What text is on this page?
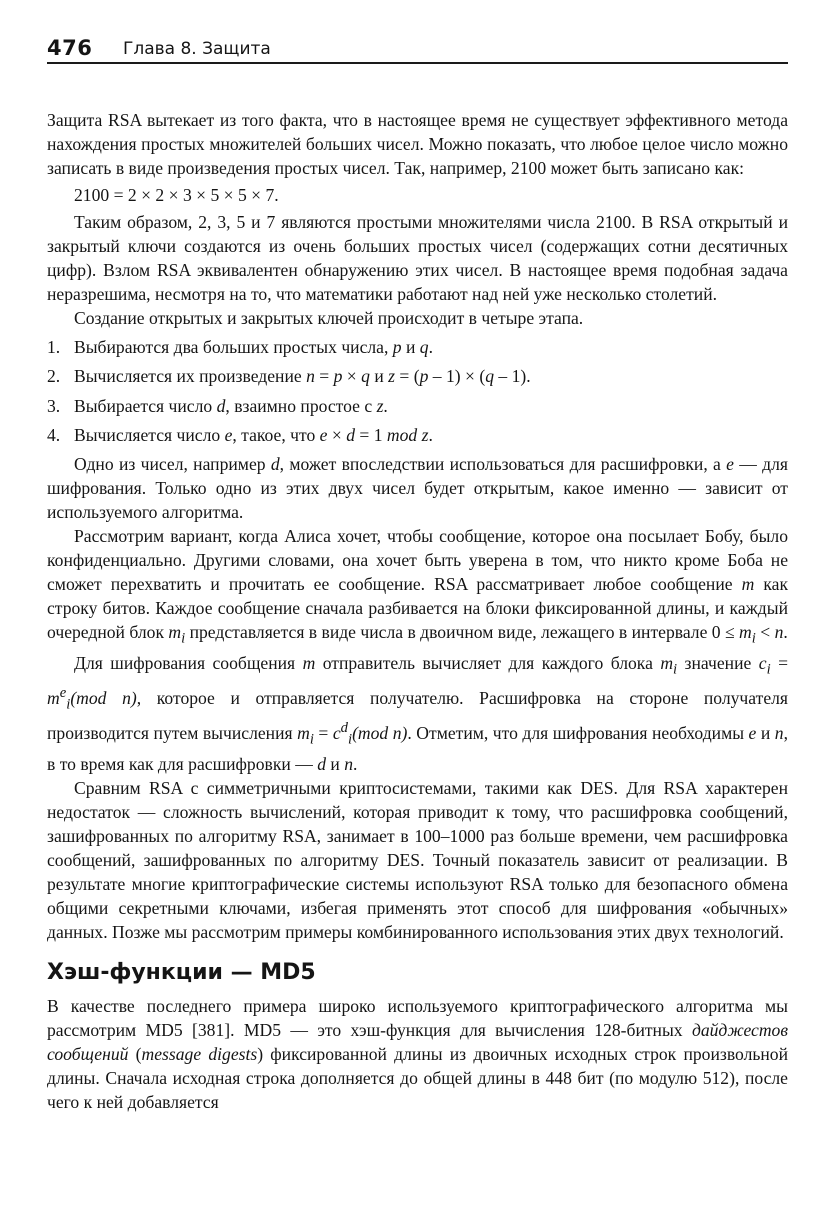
476 Глава 8. Защита

Защита RSA вытекает из того факта, что в настоящее время не существует эффективного метода нахождения простых множителей больших чисел. Можно показать, что любое целое число можно записать в виде произведения простых чисел. Так, например, 2100 может быть записано как:

2100 = 2 × 2 × 3 × 5 × 5 × 7.

Таким образом, 2, 3, 5 и 7 являются простыми множителями числа 2100. В RSA открытый и закрытый ключи создаются из очень больших простых чисел (содержащих сотни десятичных цифр). Взлом RSA эквивалентен обнаружению этих чисел. В настоящее время подобная задача неразрешима, несмотря на то, что математики работают над ней уже несколько столетий.

Создание открытых и закрытых ключей происходит в четыре этапа.

1. Выбираются два больших простых числа, p и q.
2. Вычисляется их произведение n = p × q и z = (p – 1) × (q – 1).
3. Выбирается число d, взаимно простое с z.
4. Вычисляется число e, такое, что e × d = 1 mod z.

Одно из чисел, например d, может впоследствии использоваться для расшифровки, а e — для шифрования. Только одно из этих двух чисел будет открытым, какое именно — зависит от используемого алгоритма.

Рассмотрим вариант, когда Алиса хочет, чтобы сообщение, которое она посылает Бобу, было конфиденциально. Другими словами, она хочет быть уверена в том, что никто кроме Боба не сможет перехватить и прочитать ее сообщение. RSA рассматривает любое сообщение m как строку битов. Каждое сообщение сначала разбивается на блоки фиксированной длины, и каждый очередной блок $m_i$ представляется в виде числа в двоичном виде, лежащего в интервале $0 \le m_i < n$.

Для шифрования сообщения m отправитель вычисляет для каждого блока $m_i$ значение $c_i = m^e_i(mod$ n), которое и отправляется получателю. Расшифровка на стороне получателя производится путем вычисления $m_i = c^d_i(mod$ n). Отметим, что для шифрования необходимы e и n, в то время как для расшифровки — d и n.

Сравним RSA с симметричными криптосистемами, такими как DES. Для RSA характерен недостаток — сложность вычислений, которая приводит к тому, что расшифровка сообщений, зашифрованных по алгоритму RSA, занимает в 100–1000 раз больше времени, чем расшифровка сообщений, зашифрованных по алгоритму DES. Точный показатель зависит от реализации. В результате многие криптографические системы используют RSA только для безопасного обмена общими секретными ключами, избегая применять этот способ для шифрования «обычных» данных. Позже мы рассмотрим примеры комбинированного использования этих двух технологий.

Хэш-функции — MD5

В качестве последнего примера широко используемого криптографического алгоритма мы рассмотрим MD5 [381]. MD5 — это хэш-функция для вычисления 128-битных дайджестов сообщений (message digests) фиксированной длины из двоичных исходных строк произвольной длины. Сначала исходная строка дополняется до общей длины в 448 бит (по модулю 512), после чего к ней добавляется
